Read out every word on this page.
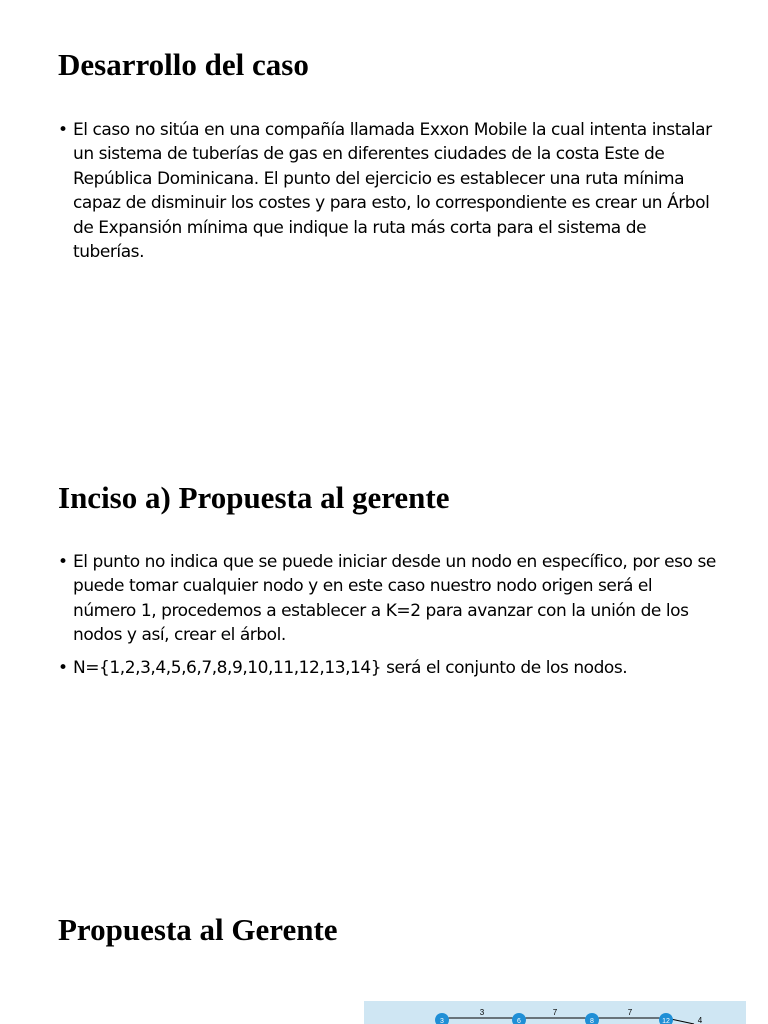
Desarrollo del caso
• El caso no sitúa en una compañía llamada Exxon Mobile la cual intenta instalar un sistema de tuberías de gas en diferentes ciudades de la costa Este de República Dominicana. El punto del ejercicio es establecer una ruta mínima capaz de disminuir los costes y para esto, lo correspondiente es crear un Árbol de Expansión mínima que indique la ruta más corta para el sistema de tuberías.
Inciso a) Propuesta al gerente
• El punto no indica que se puede iniciar desde un nodo en específico, por eso se puede tomar cualquier nodo y en este caso nuestro nodo origen será el número 1, procedemos a establecer a K=2 para avanzar con la unión de los nodos y así, crear el árbol.
• N={1,2,3,4,5,6,7,8,9,10,11,12,13,14} será el conjunto de los nodos.
Propuesta al Gerente
3	7	7
4
3	6	8	12
